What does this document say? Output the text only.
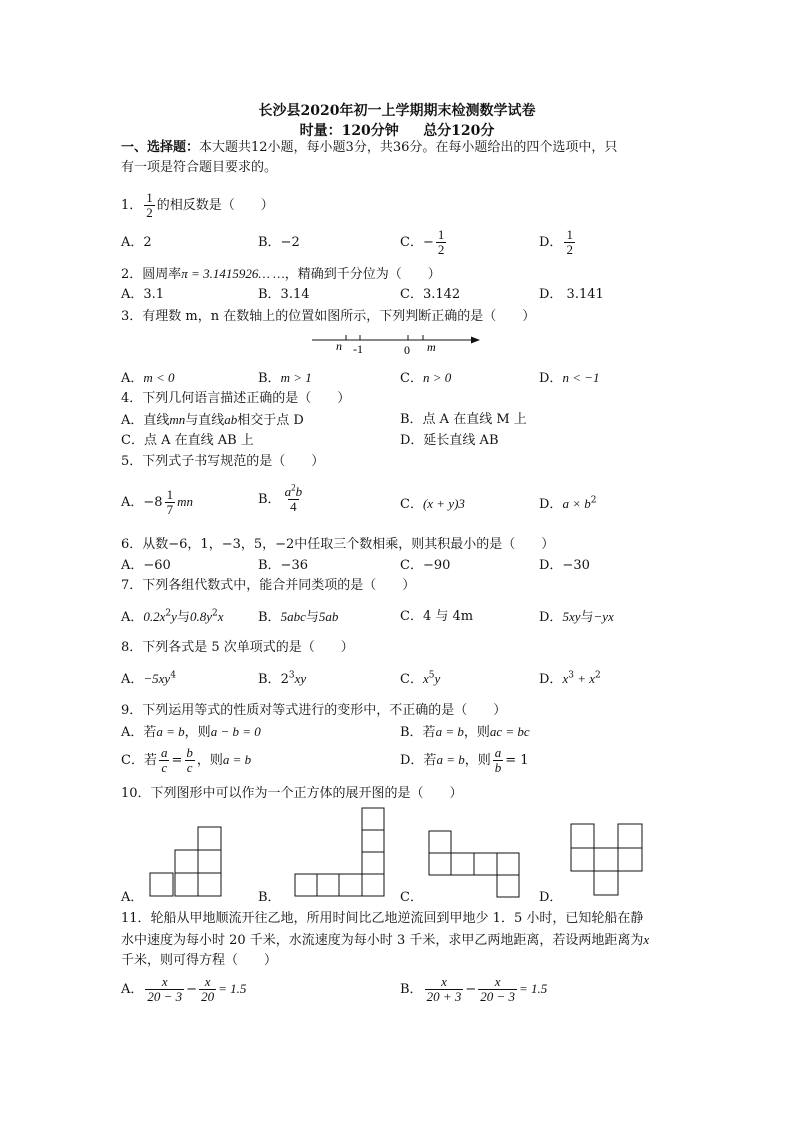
长沙县2020年初一上学期期末检测数学试卷
时量：120分钟 总分120分
一、选择题：本大题共12小题，每小题3分，共36分。在每小题给出的四个选项中，只
有一项是符合题目要求的。
1． $\frac{1}{2}$ 的相反数是（　　）
A．2	B．−2	C．− $\frac{1}{2}$	D． $\frac{1}{2}$
2．圆周率π = 3.1415926… …，精确到千分位为（　　）
A．3.1	B．3.14	C．3.142	D． 3.141
3．有理数 m，n 在数轴上的位置如图所示，下列判断正确的是（　　）
n -1	0 m
A．m < 0	B．m > 1	C．n > 0	D．n < −1
4．下列几何语言描述正确的是（　　）
A．直线mn与直线ab相交于点 D	B．点 A 在直线 M 上
C．点 A 在直线 AB 上	D．延长直线 AB
5．下列式子书写规范的是（　　）
A．$-8 \frac{1}{7}$ mn	B． $\frac{a^2b}{4}$	C．(x + y)3	D．$a \times b^2$
6．从数−6，1，−3，5，−2中任取三个数相乘，则其积最小的是（　　）
A．−60	B．−36	C．−90	D．−30
7．下列各组代数式中，能合并同类项的是（　　）
A．$0.2x^2y$与$0.8y^2x$	B．5abc与5ab	C．4 与 4m	D．5xy与−yx
8．下列各式是 5 次单项式的是（　　）
A．$-5xy^4$	B．$2^3xy$	C．$x^5y$	D．$x^3 + x^2$
9．下列运用等式的性质对等式进行的变形中，不正确的是（　　）
A．若a = b，则a − b = 0	B．若a = b，则ac = bc
C．若 $\frac{a}{c} = \frac{b}{c}$ ，则a = b	D．若a = b，则 $\frac{a}{b} = 1$
10．下列图形中可以作为一个正方体的展开图的是（　　）
A．	B．	C．	D．
11．轮船从甲地顺流开往乙地，所用时间比乙地逆流回到甲地少 1．5 小时，已知轮船在静
水中速度为每小时 20 千米，水流速度为每小时 3 千米，求甲乙两地距离，若设两地距离为x
千米，则可得方程（　　）
A． $\frac{x}{20 - 3} - \frac{x}{20} = 1.5$	B． $\frac{x}{20 + 3} - \frac{x}{20 - 3} = 1.5$
